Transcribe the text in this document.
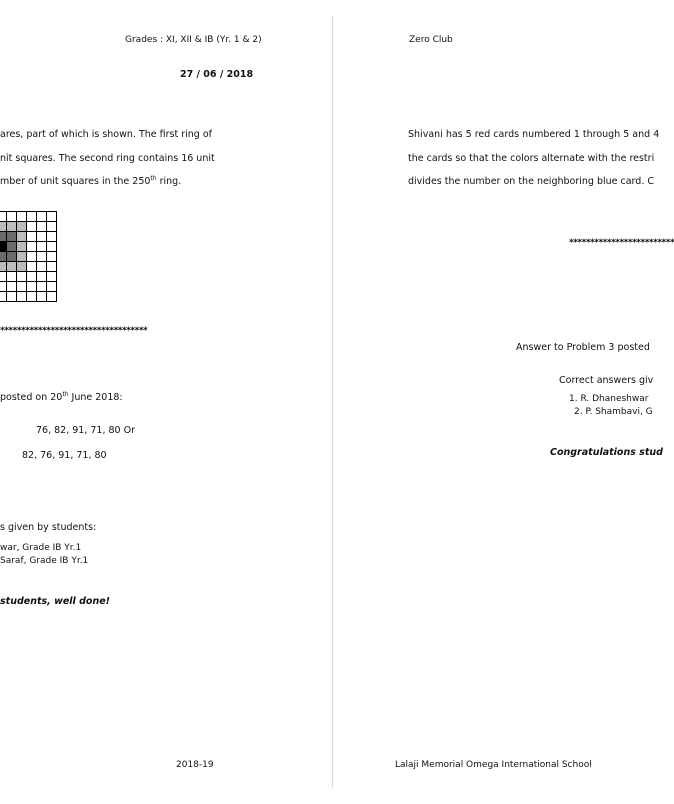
Grades : XI, XII & IB (Yr. 1 & 2)
27 / 06 / 2018
ares, part of which is shown. The first ring of
nit squares. The second ring contains 16 unit
mber of unit squares in the 250th ring.
***********************************
posted on 20th June 2018:
76, 82, 91, 71, 80 Or
82, 76, 91, 71, 80
s given by students:
war, Grade IB Yr.1
Saraf, Grade IB Yr.1
students, well done!
2018-19
Zero Club
Shivani has 5 red cards numbered 1 through 5 and 4
the cards so that the colors alternate with the restri
divides the number on the neighboring blue card. C
*************************
Answer to Problem 3 posted
Correct answers giv
1. R. Dhaneshwar
2. P. Shambavi, G
Congratulations stud
Lalaji Memorial Omega International School
